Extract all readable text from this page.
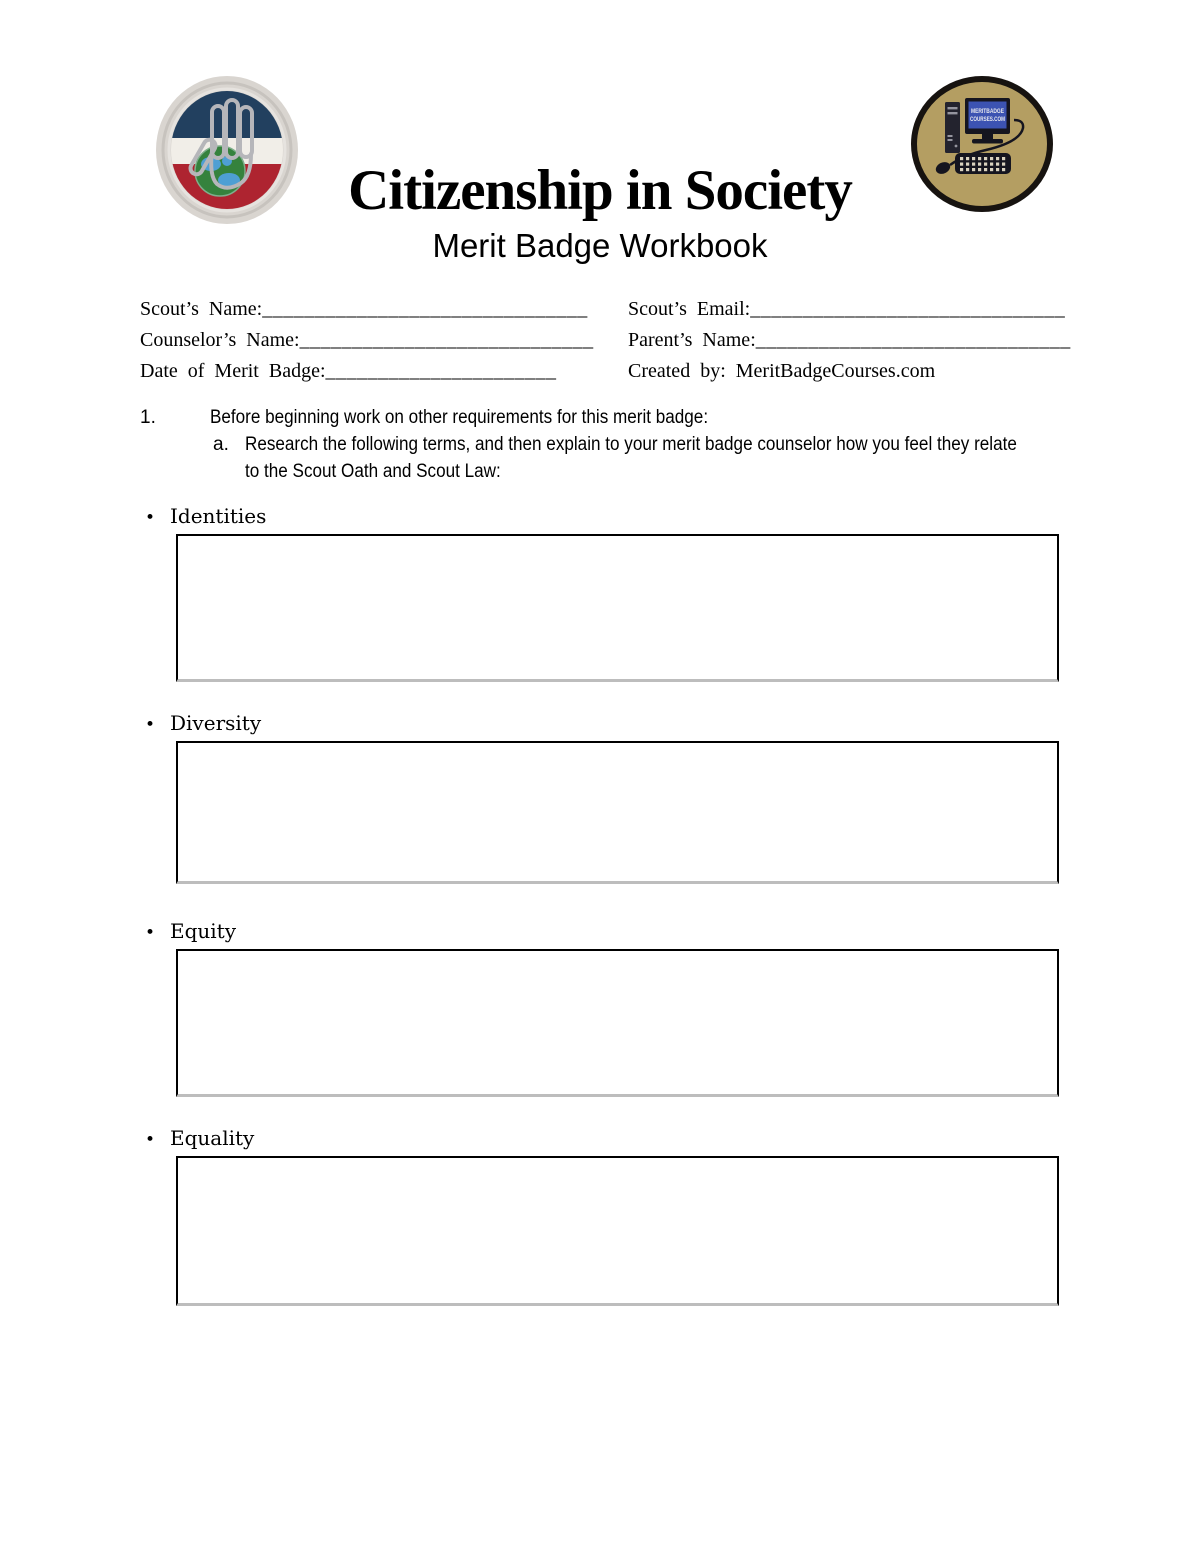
MERITBADGE
COURSES.COM
Citizenship in Society
Merit Badge Workbook
Scout’s Name:_______________________________	Scout’s Email:______________________________
Counselor’s Name:____________________________	Parent’s Name:______________________________
Date of Merit Badge:______________________	Created by: MeritBadgeCourses.com
1.	Before beginning work on other requirements for this merit badge:
a. Research the following terms, and then explain to your merit badge counselor how you feel they relate
to the Scout Oath and Scout Law:
• Identities
• Diversity
• Equity
• Equality
